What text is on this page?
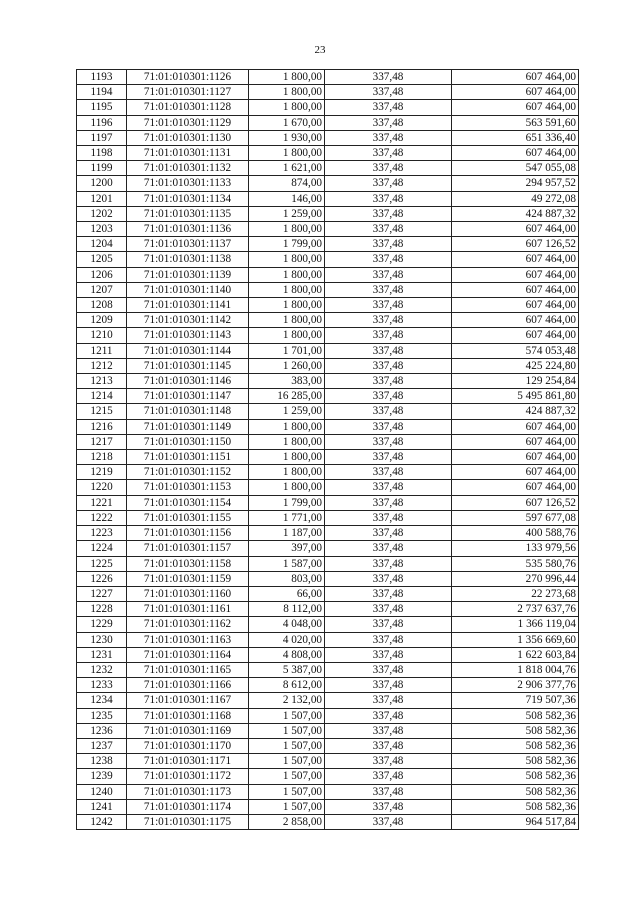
23
1193	71:01:010301:1126	1 800,00	337,48	607 464,00
1194	71:01:010301:1127	1 800,00	337,48	607 464,00
1195	71:01:010301:1128	1 800,00	337,48	607 464,00
1196	71:01:010301:1129	1 670,00	337,48	563 591,60
1197	71:01:010301:1130	1 930,00	337,48	651 336,40
1198	71:01:010301:1131	1 800,00	337,48	607 464,00
1199	71:01:010301:1132	1 621,00	337,48	547 055,08
1200	71:01:010301:1133	874,00	337,48	294 957,52
1201	71:01:010301:1134	146,00	337,48	49 272,08
1202	71:01:010301:1135	1 259,00	337,48	424 887,32
1203	71:01:010301:1136	1 800,00	337,48	607 464,00
1204	71:01:010301:1137	1 799,00	337,48	607 126,52
1205	71:01:010301:1138	1 800,00	337,48	607 464,00
1206	71:01:010301:1139	1 800,00	337,48	607 464,00
1207	71:01:010301:1140	1 800,00	337,48	607 464,00
1208	71:01:010301:1141	1 800,00	337,48	607 464,00
1209	71:01:010301:1142	1 800,00	337,48	607 464,00
1210	71:01:010301:1143	1 800,00	337,48	607 464,00
1211	71:01:010301:1144	1 701,00	337,48	574 053,48
1212	71:01:010301:1145	1 260,00	337,48	425 224,80
1213	71:01:010301:1146	383,00	337,48	129 254,84
1214	71:01:010301:1147	16 285,00	337,48	5 495 861,80
1215	71:01:010301:1148	1 259,00	337,48	424 887,32
1216	71:01:010301:1149	1 800,00	337,48	607 464,00
1217	71:01:010301:1150	1 800,00	337,48	607 464,00
1218	71:01:010301:1151	1 800,00	337,48	607 464,00
1219	71:01:010301:1152	1 800,00	337,48	607 464,00
1220	71:01:010301:1153	1 800,00	337,48	607 464,00
1221	71:01:010301:1154	1 799,00	337,48	607 126,52
1222	71:01:010301:1155	1 771,00	337,48	597 677,08
1223	71:01:010301:1156	1 187,00	337,48	400 588,76
1224	71:01:010301:1157	397,00	337,48	133 979,56
1225	71:01:010301:1158	1 587,00	337,48	535 580,76
1226	71:01:010301:1159	803,00	337,48	270 996,44
1227	71:01:010301:1160	66,00	337,48	22 273,68
1228	71:01:010301:1161	8 112,00	337,48	2 737 637,76
1229	71:01:010301:1162	4 048,00	337,48	1 366 119,04
1230	71:01:010301:1163	4 020,00	337,48	1 356 669,60
1231	71:01:010301:1164	4 808,00	337,48	1 622 603,84
1232	71:01:010301:1165	5 387,00	337,48	1 818 004,76
1233	71:01:010301:1166	8 612,00	337,48	2 906 377,76
1234	71:01:010301:1167	2 132,00	337,48	719 507,36
1235	71:01:010301:1168	1 507,00	337,48	508 582,36
1236	71:01:010301:1169	1 507,00	337,48	508 582,36
1237	71:01:010301:1170	1 507,00	337,48	508 582,36
1238	71:01:010301:1171	1 507,00	337,48	508 582,36
1239	71:01:010301:1172	1 507,00	337,48	508 582,36
1240	71:01:010301:1173	1 507,00	337,48	508 582,36
1241	71:01:010301:1174	1 507,00	337,48	508 582,36
1242	71:01:010301:1175	2 858,00	337,48	964 517,84
